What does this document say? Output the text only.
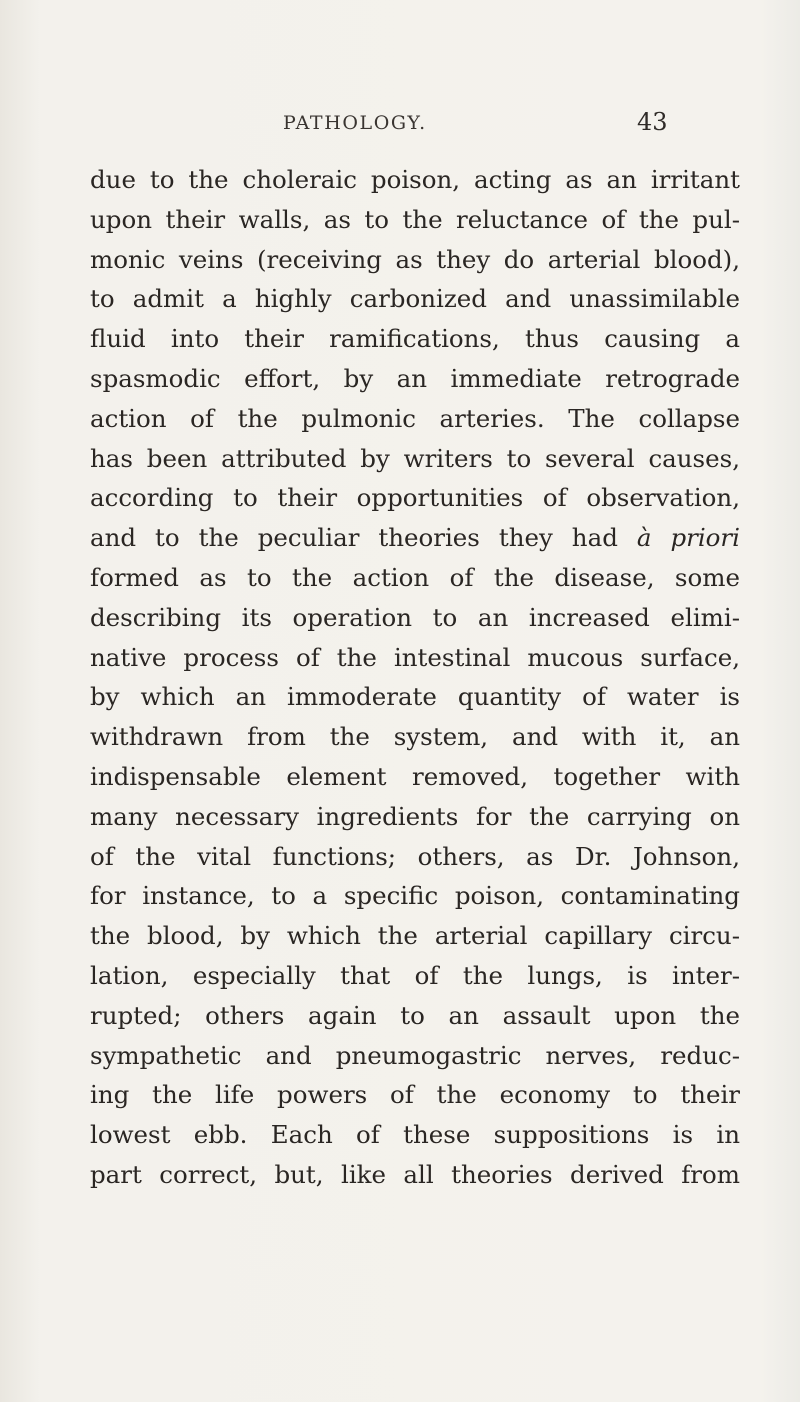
PATHOLOGY.	43
due to the choleraic poison, acting as an irritant
upon their walls, as to the reluctance of the pul-
monic veins (receiving as they do arterial blood),
to admit a highly carbonized and unassimilable
fluid into their ramifications, thus causing a
spasmodic effort, by an immediate retrograde
action of the pulmonic arteries. The collapse
has been attributed by writers to several causes,
according to their opportunities of observation,
and to the peculiar theories they had à priori
formed as to the action of the disease, some
describing its operation to an increased elimi-
native process of the intestinal mucous surface,
by which an immoderate quantity of water is
withdrawn from the system, and with it, an
indispensable element removed, together with
many necessary ingredients for the carrying on
of the vital functions; others, as Dr. Johnson,
for instance, to a specific poison, contaminating
the blood, by which the arterial capillary circu-
lation, especially that of the lungs, is inter-
rupted; others again to an assault upon the
sympathetic and pneumogastric nerves, reduc-
ing the life powers of the economy to their
lowest ebb. Each of these suppositions is in
part correct, but, like all theories derived from
